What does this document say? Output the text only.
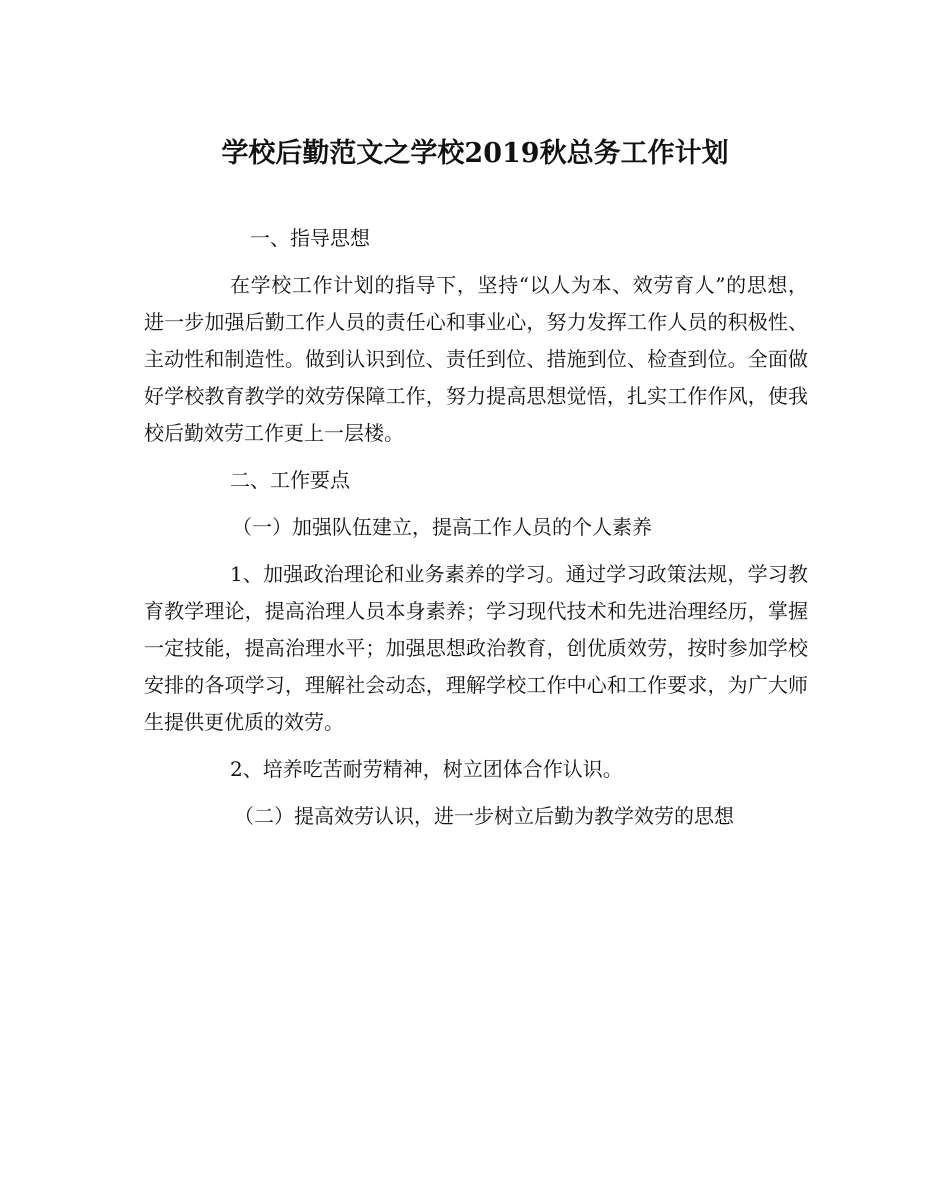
学校后勤范文之学校2019秋总务工作计划

一、指导思想

在学校工作计划的指导下，坚持“以人为本、效劳育人”的思想，进一步加强后勤工作人员的责任心和事业心，努力发挥工作人员的积极性、主动性和制造性。做到认识到位、责任到位、措施到位、检查到位。全面做好学校教育教学的效劳保障工作，努力提高思想觉悟，扎实工作作风，使我校后勤效劳工作更上一层楼。

二、工作要点

（一）加强队伍建立，提高工作人员的个人素养

1、加强政治理论和业务素养的学习。通过学习政策法规，学习教育教学理论，提高治理人员本身素养；学习现代技术和先进治理经历，掌握一定技能，提高治理水平；加强思想政治教育，创优质效劳，按时参加学校安排的各项学习，理解社会动态，理解学校工作中心和工作要求，为广大师生提供更优质的效劳。

2、培养吃苦耐劳精神，树立团体合作认识。

（二）提高效劳认识，进一步树立后勤为教学效劳的思想
